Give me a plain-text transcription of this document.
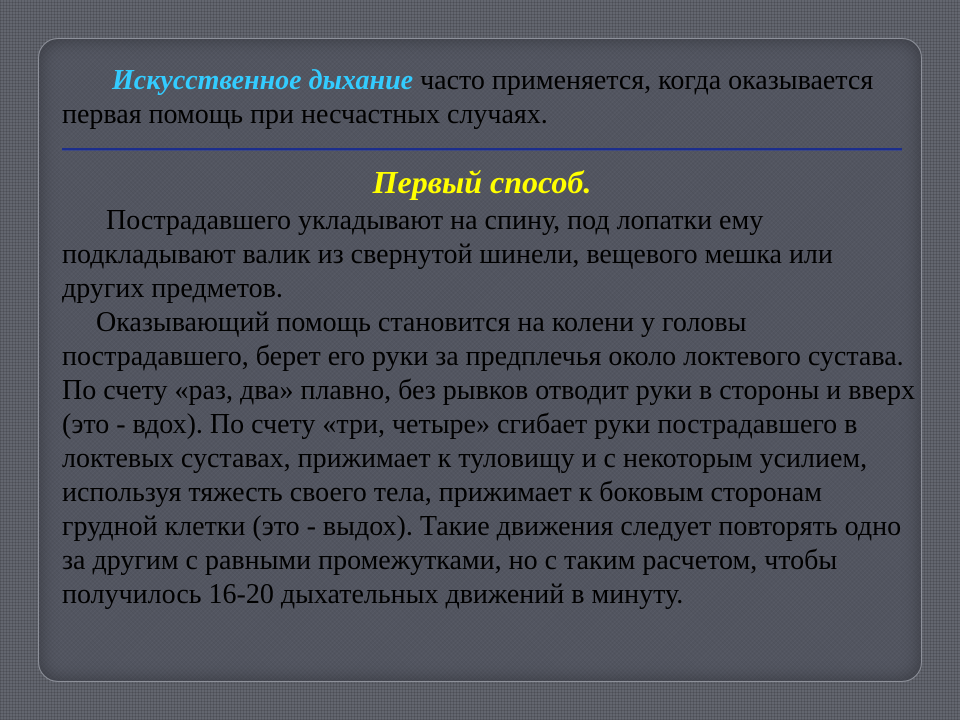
Искусственное дыхание часто применяется, когда оказывается первая помощь при несчастных случаях.

Первый способ.

Пострадавшего укладывают на спину, под лопатки ему подкладывают валик из свернутой шинели, вещевого мешка или других предметов.

Оказывающий помощь становится на колени у головы пострадавшего, берет его руки за предплечья около локтевого сустава. По счету «раз, два» плавно, без рывков отводит руки в стороны и вверх (это - вдох). По счету «три, четыре» сгибает руки пострадавшего в локтевых суставах, прижимает к туловищу и с некоторым усилием, используя тяжесть своего тела, прижимает к боковым сторонам грудной клетки (это - выдох). Такие движения следует повторять одно за другим с равными промежутками, но с таким расчетом, чтобы получилось 16-20 дыхательных движений в минуту.
